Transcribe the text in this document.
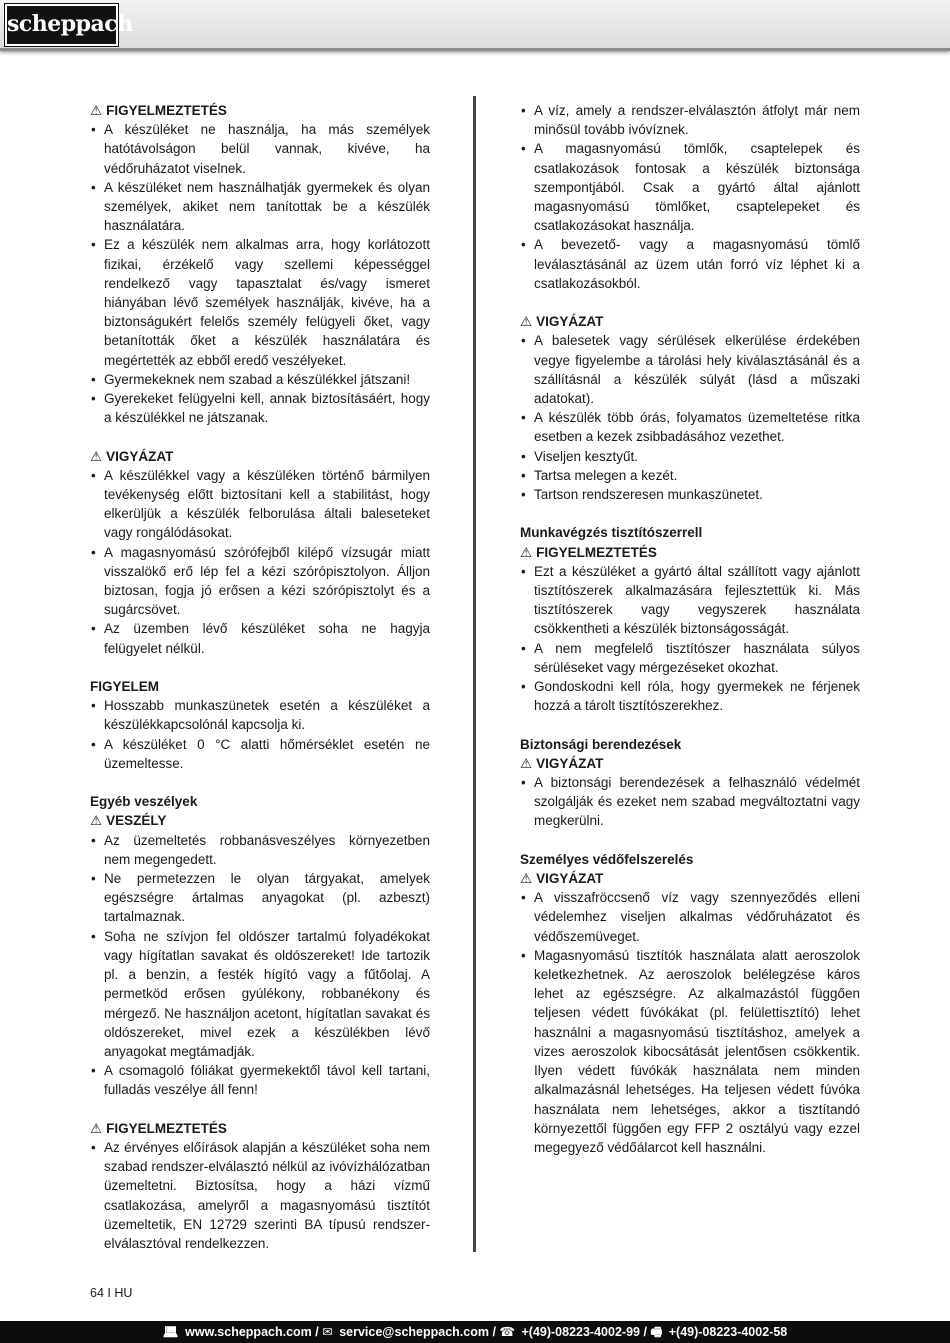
scheppach

⚠︎ FIGYELMEZTETÉS

• A készüléket ne használja, ha más személyek hatótávolságon belül vannak, kivéve, ha védőruházatot viselnek.
• A készüléket nem használhatják gyermekek és olyan személyek, akiket nem tanítottak be a készülék használatára.
• Ez a készülék nem alkalmas arra, hogy korlátozott fizikai, érzékelő vagy szellemi képességgel rendelkező vagy tapasztalat és/vagy ismeret hiányában lévő személyek használják, kivéve, ha a biztonságukért felelős személy felügyeli őket, vagy betanították őket a készülék használatára és megértették az ebből eredő veszélyeket.
• Gyermekeknek nem szabad a készülékkel játszani!
• Gyerekeket felügyelni kell, annak biztosításáért, hogy a készülékkel ne játszanak.

⚠︎ VIGYÁZAT

• A készülékkel vagy a készüléken történő bármilyen tevékenység előtt biztosítani kell a stabilitást, hogy elkerüljük a készülék felborulása általi baleseteket vagy rongálódásokat.
• A magasnyomású szórófejből kilépő vízsugár miatt visszalökő erő lép fel a kézi szórópisztolyon. Álljon biztosan, fogja jó erősen a kézi szórópisztolyt és a sugárcsövet.
• Az üzemben lévő készüléket soha ne hagyja felügyelet nélkül.

FIGYELEM

• Hosszabb munkaszünetek esetén a készüléket a készülékkapcsolónál kapcsolja ki.
• A készüléket 0 °C alatti hőmérséklet esetén ne üzemeltesse.

Egyéb veszélyek

⚠︎ VESZÉLY

• Az üzemeltetés robbanásveszélyes környezetben nem megengedett.
• Ne permetezzen le olyan tárgyakat, amelyek egészségre ártalmas anyagokat (pl. azbeszt) tartalmaznak.
• Soha ne szívjon fel oldószer tartalmú folyadékokat vagy hígítatlan savakat és oldószereket! Ide tartozik pl. a benzin, a festék hígító vagy a fűtőolaj. A permetköd erősen gyúlékony, robbanékony és mérgező. Ne használjon acetont, hígítatlan savakat és oldószereket, mivel ezek a készülékben lévő anyagokat megtámadják.
• A csomagoló fóliákat gyermekektől távol kell tartani, fulladás veszélye áll fenn!

⚠︎ FIGYELMEZTETÉS

• Az érvényes előírások alapján a készüléket soha nem szabad rendszer-elválasztó nélkül az ivóvízhálózatban üzemeltetni. Biztosítsa, hogy a házi vízmű csatlakozása, amelyről a magasnyomású tisztítót üzemeltetik, EN 12729 szerinti BA típusú rendszer-elválasztóval rendelkezzen.
• A víz, amely a rendszer-elválasztón átfolyt már nem minősül tovább ivóvíznek.
• A magasnyomású tömlők, csaptelepek és csatlakozások fontosak a készülék biztonsága szempontjából. Csak a gyártó által ajánlott magasnyomású tömlőket, csaptelepeket és csatlakozásokat használja.
• A bevezető- vagy a magasnyomású tömlő leválasztásánál az üzem után forró víz léphet ki a csatlakozásokból.

⚠︎ VIGYÁZAT

• A balesetek vagy sérülések elkerülése érdekében vegye figyelembe a tárolási hely kiválasztásánál és a szállításnál a készülék súlyát (lásd a műszaki adatokat).
• A készülék több órás, folyamatos üzemeltetése ritka esetben a kezek zsibbadásához vezethet.
• Viseljen kesztyűt.
• Tartsa melegen a kezét.
• Tartson rendszeresen munkaszünetet.

Munkavégzés tisztítószerrell

⚠︎ FIGYELMEZTETÉS

• Ezt a készüléket a gyártó által szállított vagy ajánlott tisztítószerek alkalmazására fejlesztettük ki. Más tisztítószerek vagy vegyszerek használata csökkentheti a készülék biztonságosságát.
• A nem megfelelő tisztítószer használata súlyos sérüléseket vagy mérgezéseket okozhat.
• Gondoskodni kell róla, hogy gyermekek ne férjenek hozzá a tárolt tisztítószerekhez.

Biztonsági berendezések

⚠︎ VIGYÁZAT

• A biztonsági berendezések a felhasználó védelmét szolgálják és ezeket nem szabad megváltoztatni vagy megkerülni.

Személyes védőfelszerelés

⚠︎ VIGYÁZAT

• A visszafröccsenő víz vagy szennyeződés elleni védelemhez viseljen alkalmas védőruházatot és védőszemüveget.
• Magasnyomású tisztítók használata alatt aeroszolok keletkezhetnek. Az aeroszolok belélegzése káros lehet az egészségre. Az alkalmazástól függően teljesen védett fúvókákat (pl. felülettisztító) lehet használni a magasnyomású tisztításhoz, amelyek a vizes aeroszolok kibocsátását jelentősen csökkentik. Ilyen védett fúvókák használata nem minden alkalmazásnál lehetséges. Ha teljesen védett fúvóka használata nem lehetséges, akkor a tisztítandó környezettől függően egy FFP 2 osztályú vagy ezzel megegyező védőálarcot kell használni.
64 I HU
💻︎ www.scheppach.com / ✉︎ service@scheppach.com / ☎︎ +(49)-08223-4002-99 / 🖷︎ +(49)-08223-4002-58
